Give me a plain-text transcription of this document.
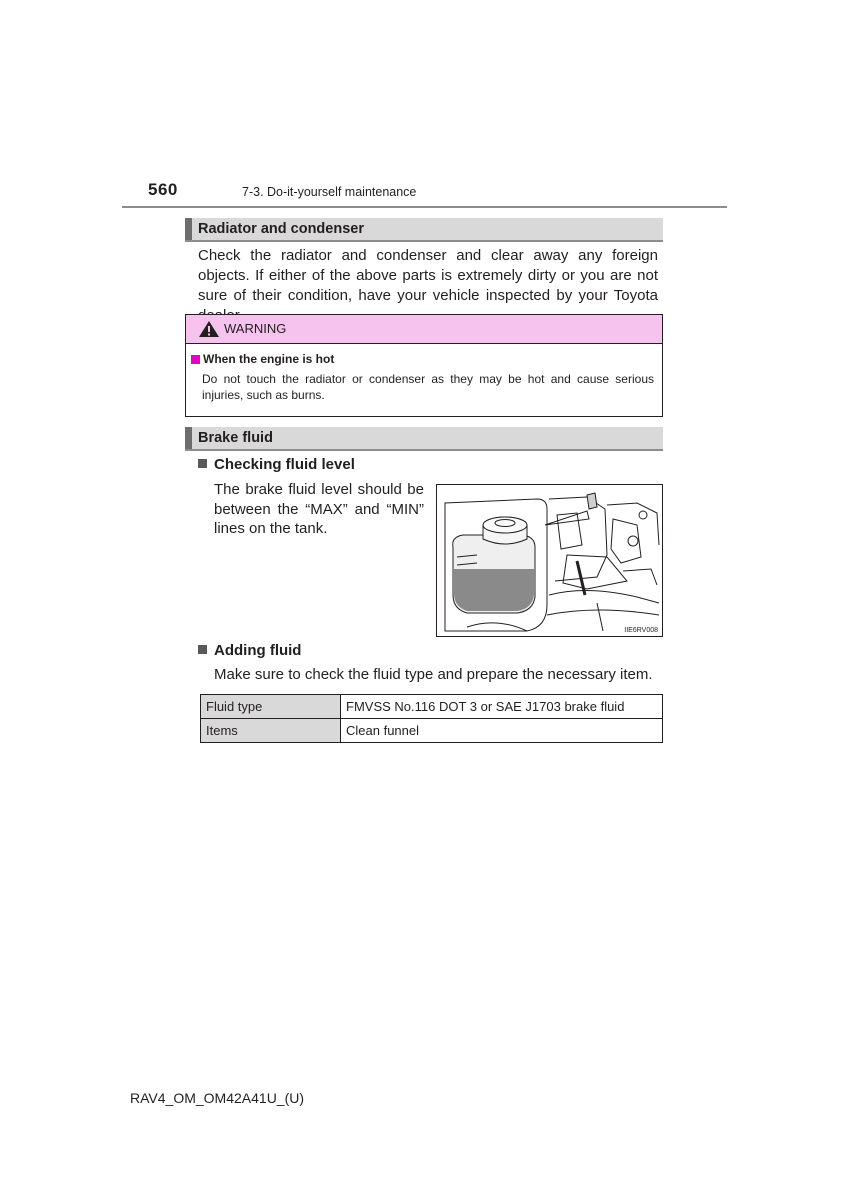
560	7-3. Do-it-yourself maintenance
Radiator and condenser
Check the radiator and condenser and clear away any foreign objects. If either of the above parts is extremely dirty or you are not sure of their condition, have your vehicle inspected by your Toyota
WARNING
When the engine is hot
Do not touch the radiator or condenser as they may be hot and cause serious injuries, such as burns.
Brake fluid
Checking fluid level
The brake fluid level should be between the “MAX” and “MIN” lines on the tank.
IIE6RV008
Adding fluid
Make sure to check the fluid type and prepare the necessary item.
Fluid type	FMVSS No.116 DOT 3 or SAE J1703 brake fluid
Items	Clean funnel
RAV4_OM_OM42A41U_(U)
